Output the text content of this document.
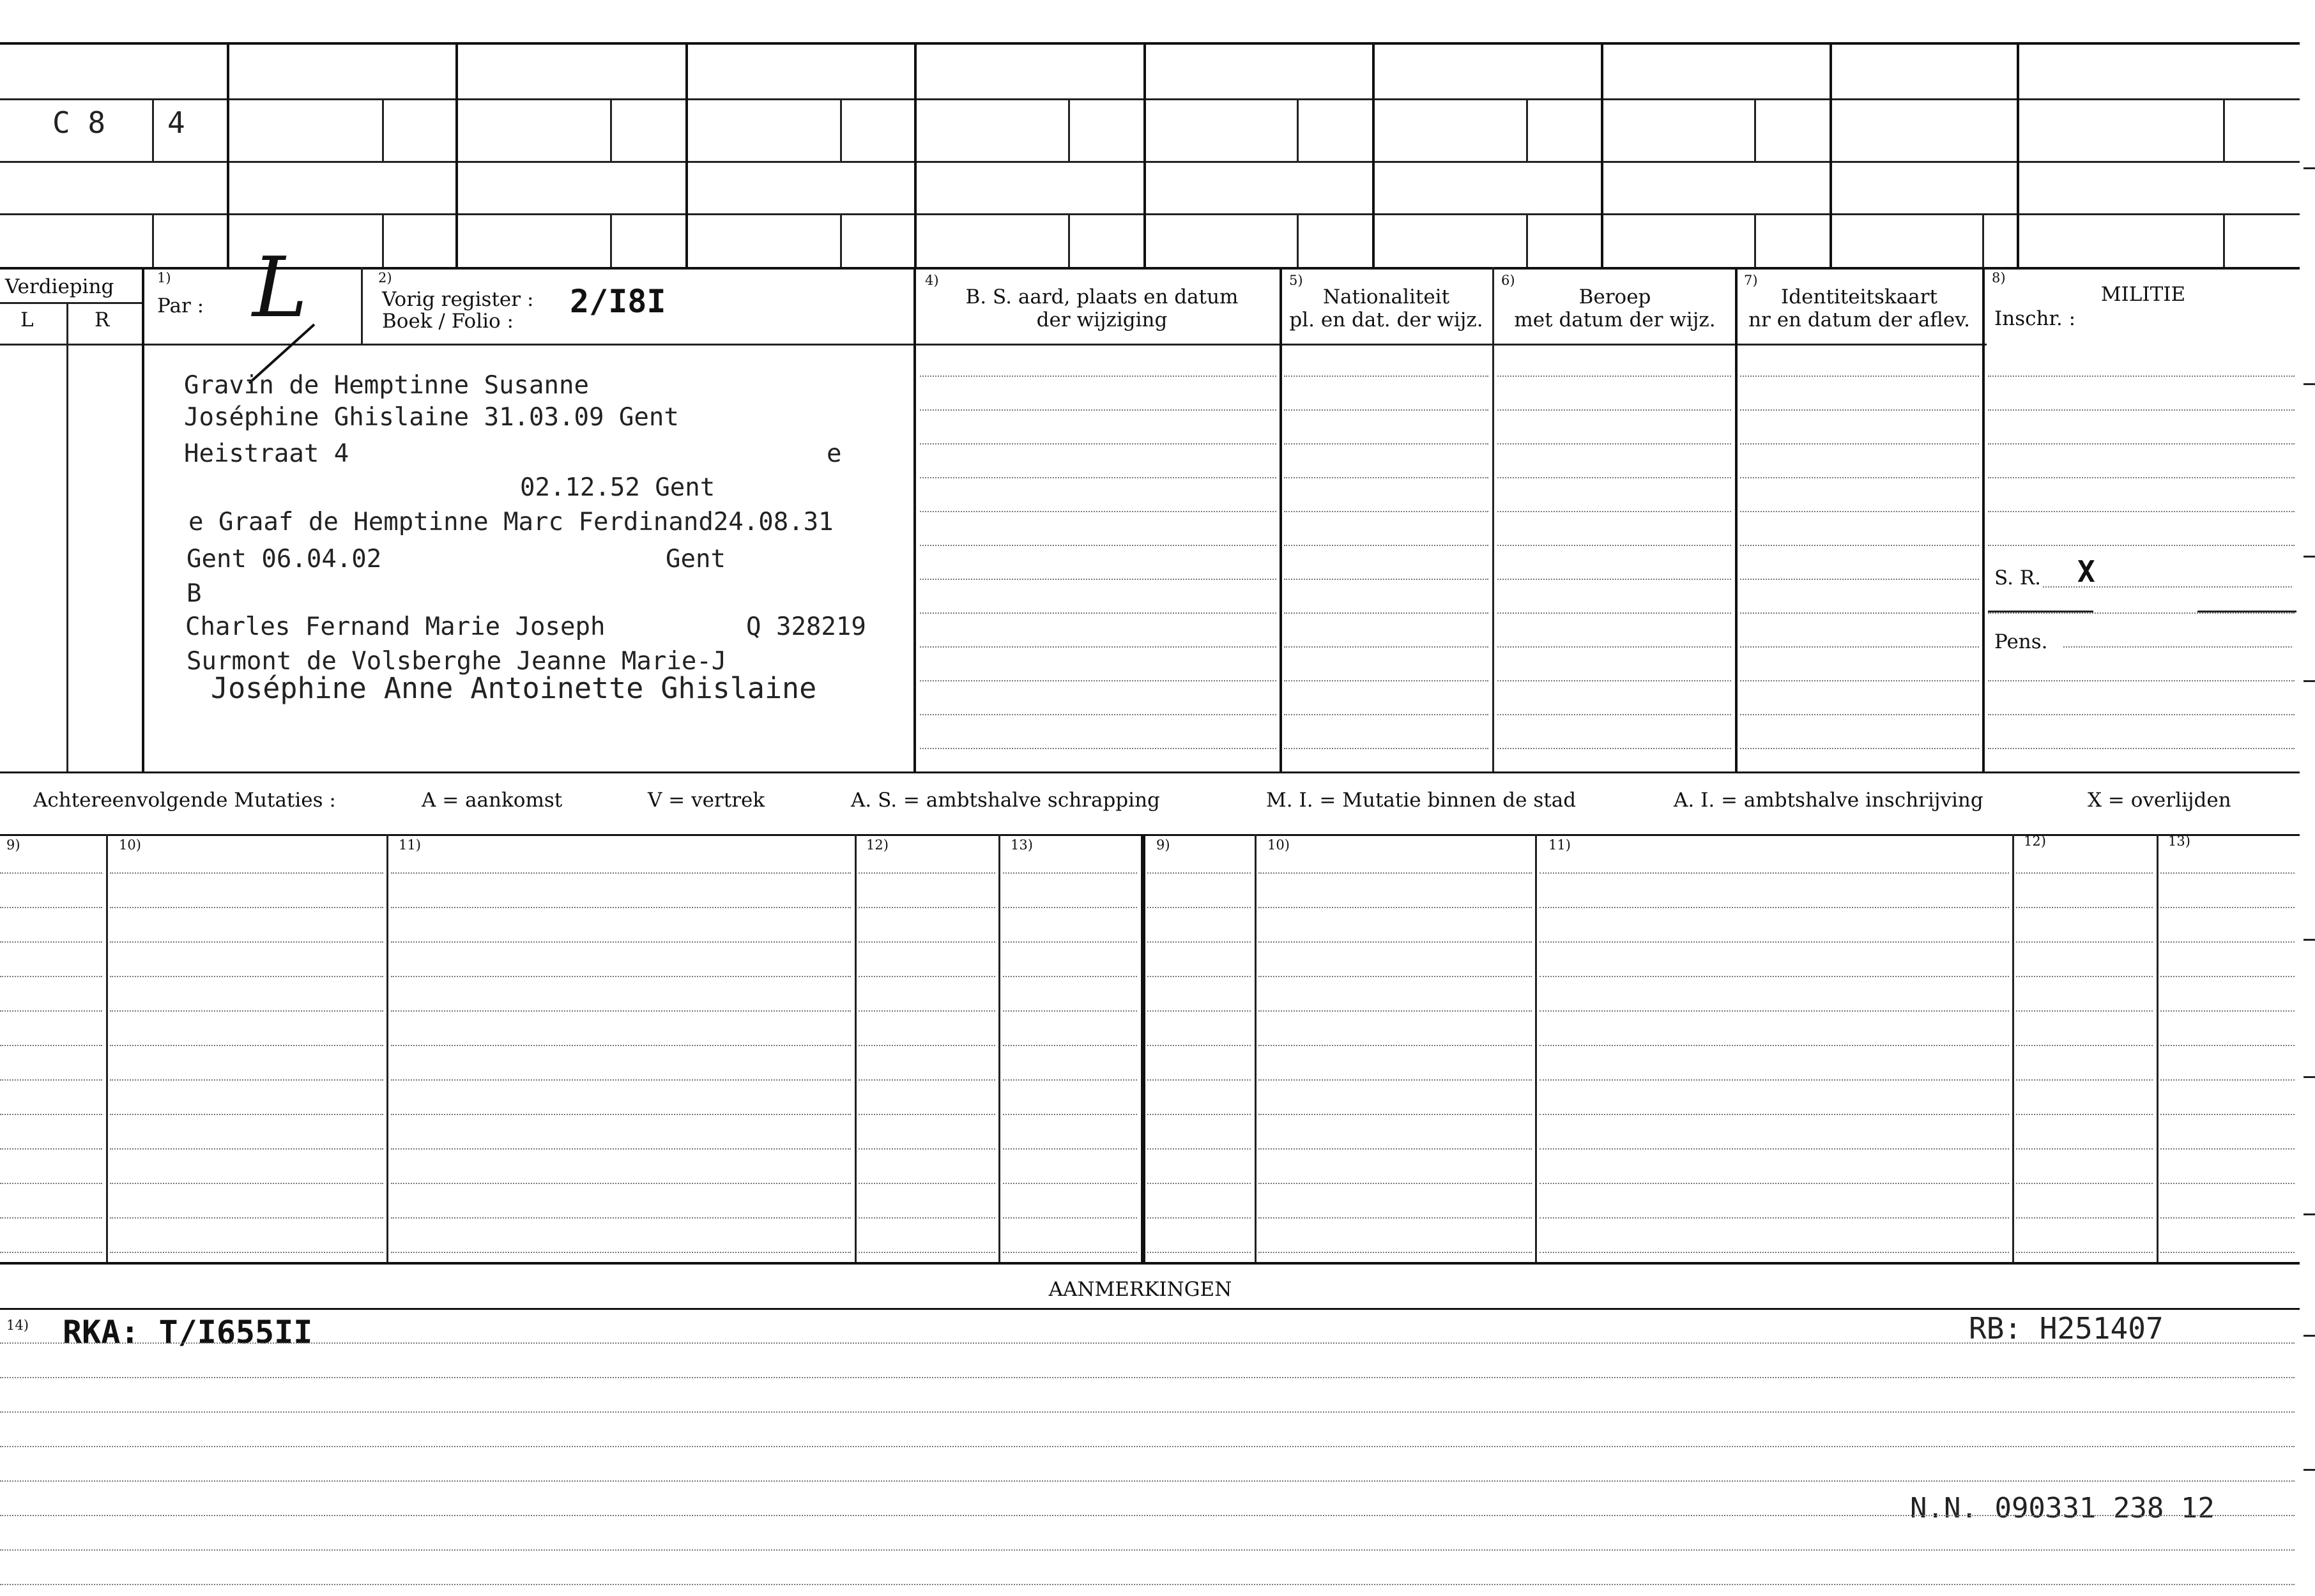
C 8 4
Verdieping
L	R
1)
Par : L	2)
Vorig register : 2/I8I
Boek / Folio :
4)
B. S. aard, plaats en datum
der wijziging
5)
Nationaliteit
pl. en dat. der wijz.
6)
Beroep
met datum der wijz.
7)
Identiteitskaart
nr en datum der aflev.
8)
MILITIE
Inschr. :
Gravin de Hemptinne Susanne
Joséphine Ghislaine 31.03.09 Gent
Heistraat 4	e
02.12.52 Gent
e Graaf de Hemptinne Marc Ferdinand24.08.31
Gent 06.04.02	Gent
B
Charles Fernand Marie Joseph	Q 328219
Surmont de Volsberghe Jeanne Marie-J
Joséphine Anne Antoinette Ghislaine
S. R. X
Pens.
Achtereenvolgende Mutaties :	A = aankomst	V = vertrek	A. S. = ambtshalve schrapping	M. I. = Mutatie binnen de stad	A. I. = ambtshalve inschrijving	X = overlijden
9)	10)	11)	12)	13)	9)	10)	11)	12)	13)
AANMERKINGEN
14) RKA: T/I655II	RB: H251407
N.N. 090331 238 12
